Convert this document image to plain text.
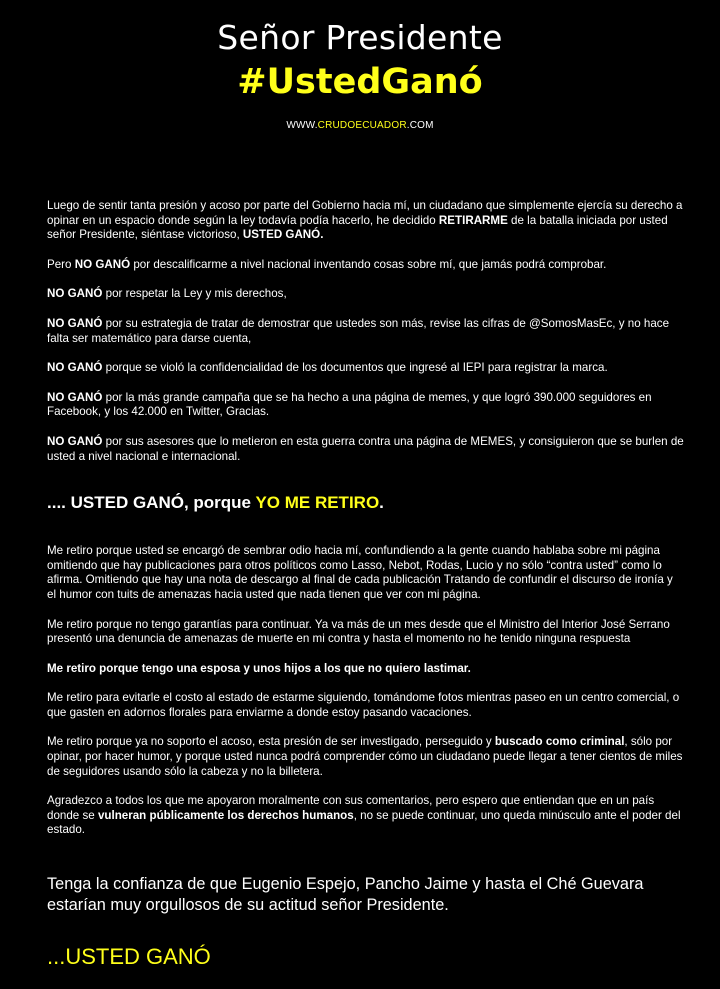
Señor Presidente
#UstedGanó
WWW.CRUDOECUADOR.COM

Luego de sentir tanta presión y acoso por parte del Gobierno hacia mí, un ciudadano que simplemente ejercía su derecho a opinar en un espacio donde según la ley todavía podía hacerlo, he decidido RETIRARME de la batalla iniciada por usted señor Presidente, siéntase victorioso, USTED GANÓ.

Pero NO GANÓ por descalificarme a nivel nacional inventando cosas sobre mí, que jamás podrá comprobar.

NO GANÓ por respetar la Ley y mis derechos,

NO GANÓ por su estrategia de tratar de demostrar que ustedes son más, revise las cifras de @SomosMasEc, y no hace falta ser matemático para darse cuenta,

NO GANÓ porque se violó la confidencialidad de los documentos que ingresé al IEPI para registrar la marca.

NO GANÓ por la más grande campaña que se ha hecho a una página de memes, y que logró 390.000 seguidores en Facebook, y los 42.000 en Twitter, Gracias.

NO GANÓ por sus asesores que lo metieron en esta guerra contra una página de MEMES, y consiguieron que se burlen de usted a nivel nacional e internacional.

.... USTED GANÓ, porque YO ME RETIRO.

Me retiro porque usted se encargó de sembrar odio hacia mí, confundiendo a la gente cuando hablaba sobre mi página omitiendo que hay publicaciones para otros políticos como Lasso, Nebot, Rodas, Lucio y no sólo “contra usted” como lo afirma. Omitiendo que hay una nota de descargo al final de cada publicación Tratando de confundir el discurso de ironía y el humor con tuits de amenazas hacia usted que nada tienen que ver con mi página.

Me retiro porque no tengo garantías para continuar. Ya va más de un mes desde que el Ministro del Interior José Serrano presentó una denuncia de amenazas de muerte en mi contra y hasta el momento no he tenido ninguna respuesta

Me retiro porque tengo una esposa y unos hijos a los que no quiero lastimar.

Me retiro para evitarle el costo al estado de estarme siguiendo, tomándome fotos mientras paseo en un centro comercial, o que gasten en adornos florales para enviarme a donde estoy pasando vacaciones.

Me retiro porque ya no soporto el acoso, esta presión de ser investigado, perseguido y buscado como criminal, sólo por opinar, por hacer humor, y porque usted nunca podrá comprender cómo un ciudadano puede llegar a tener cientos de miles de seguidores usando sólo la cabeza y no la billetera.

Agradezco a todos los que me apoyaron moralmente con sus comentarios, pero espero que entiendan que en un país donde se vulneran públicamente los derechos humanos, no se puede continuar, uno queda minúsculo ante el poder del estado.

Tenga la confianza de que Eugenio Espejo, Pancho Jaime y hasta el Ché Guevara estarían muy orgullosos de su actitud señor Presidente.

...USTED GANÓ
